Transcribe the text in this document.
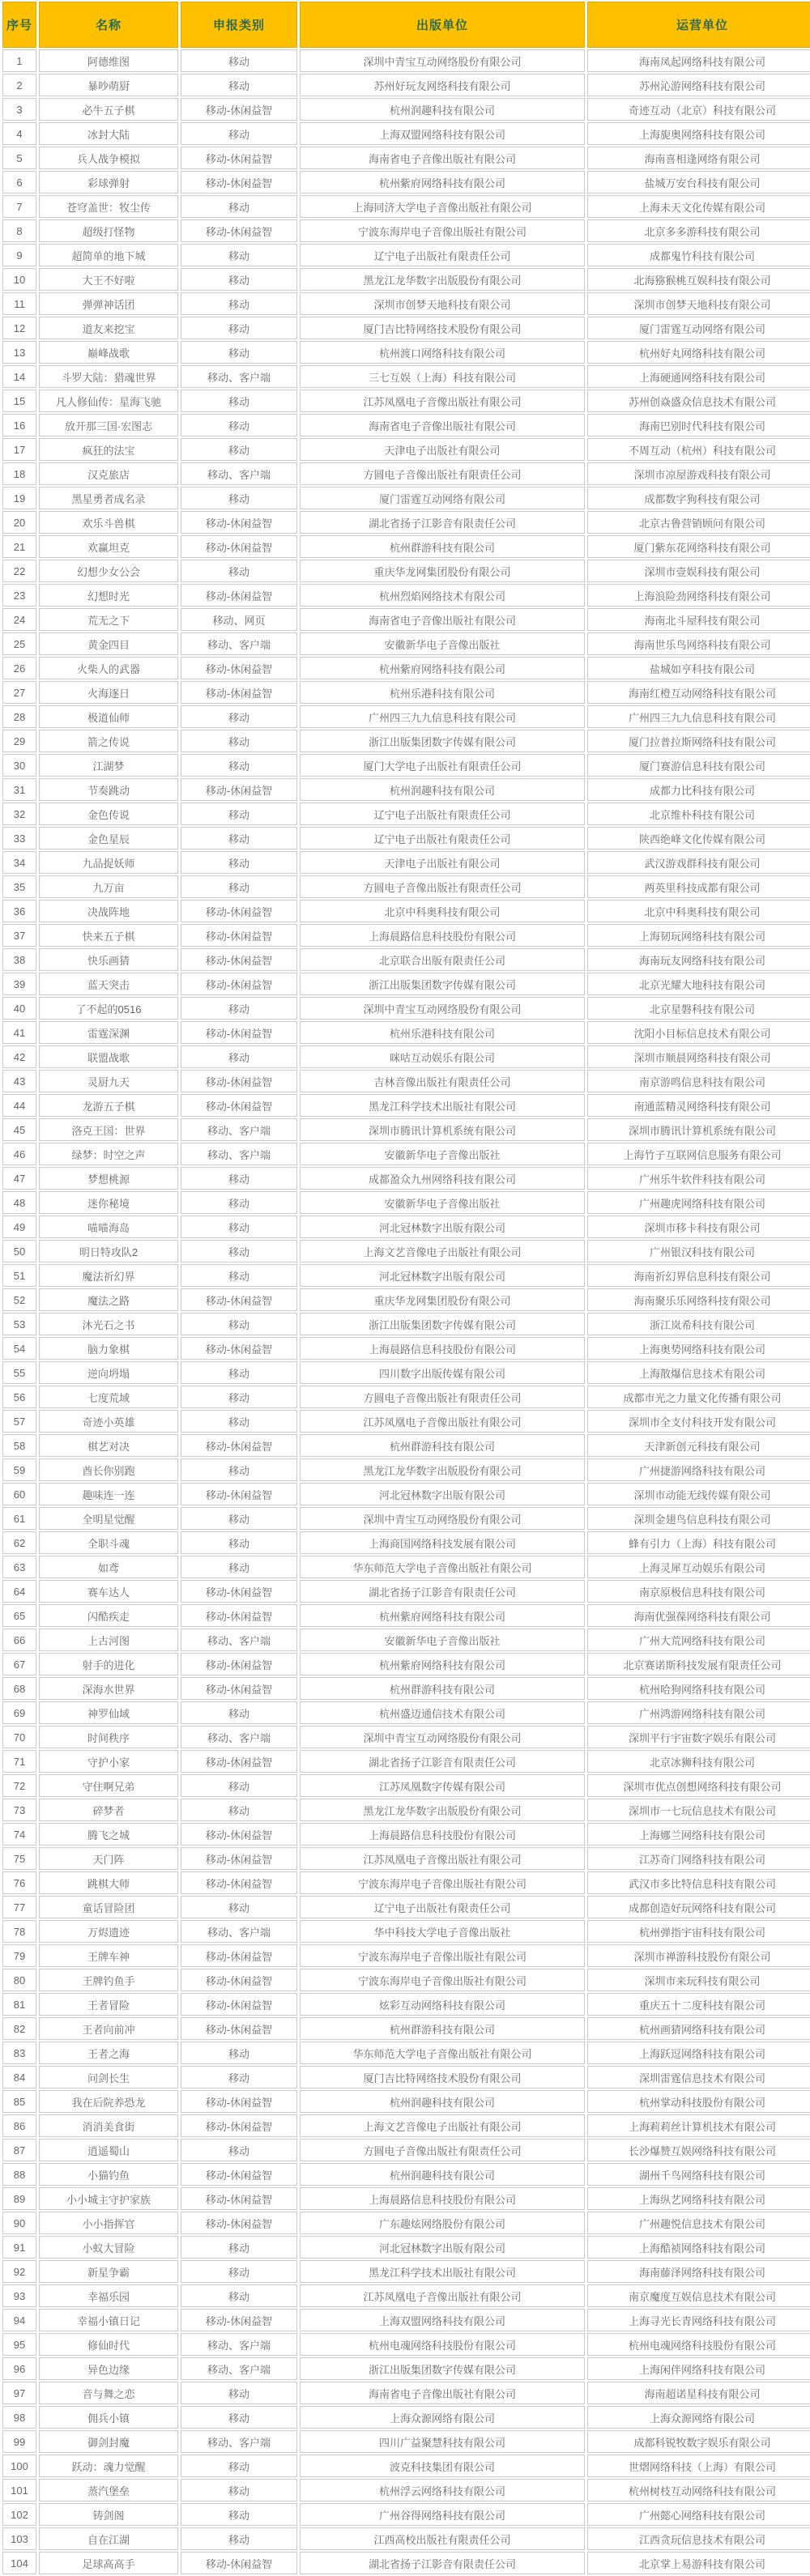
序号	名称	申报类别	出版单位	运营单位
1	阿德维图	移动	深圳中青宝互动网络股份有限公司	海南凤起网络科技有限公司
2	暴吵萌厨	移动	苏州好玩友网络科技有限公司	苏州沁游网络科技有限公司
3	必牛五子棋	移动-休闲益智	杭州润趣科技有限公司	奇迹互动（北京）科技有限公司
4	冰封大陆	移动	上海双盟网络科技有限公司	上海旎奥网络科技有限公司
5	兵人战争模拟	移动-休闲益智	海南省电子音像出版社有限公司	海南喜相逢网络有限公司
6	彩球弹射	移动-休闲益智	杭州紫府网络科技有限公司	盐城万安台科技有限公司
7	苍穹盖世：牧尘传	移动	上海同济大学电子音像出版社有限公司	上海未天文化传媒有限公司
8	超级打怪物	移动-休闲益智	宁波东海岸电子音像出版社有限公司	北京多多游科技有限公司
9	超简单的地下城	移动	辽宁电子出版社有限责任公司	成都鬼竹科技有限公司
10	大王不好啦	移动	黑龙江龙华数字出版股份有限公司	北海猕猴桃互娱科技有限公司
11	弹弹神话团	移动	深圳市创梦天地科技有限公司	深圳市创梦天地科技有限公司
12	道友来挖宝	移动	厦门吉比特网络技术股份有限公司	厦门雷霆互动网络有限公司
13	巅峰战歌	移动	杭州渡口网络科技有限公司	杭州好丸网络科技有限公司
14	斗罗大陆：猎魂世界	移动、客户端	三七互娱（上海）科技有限公司	上海硬通网络科技有限公司
15	凡人修仙传：星海飞驰	移动	江苏凤凰电子音像出版社有限公司	苏州创焱盛众信息技术有限公司
16	放开那三国·宏图志	移动	海南省电子音像出版社有限公司	海南巴别时代科技有限公司
17	疯狂的法宝	移动	天津电子出版社有限公司	不周互动（杭州）科技有限公司
18	汉克旅店	移动、客户端	方圆电子音像出版社有限责任公司	深圳市凉屋游戏科技有限公司
19	黑星勇者成名录	移动	厦门雷霆互动网络有限公司	成都数字狗科技有限公司
20	欢乐斗兽棋	移动-休闲益智	湖北省扬子江影音有限责任公司	北京古鲁营销顾问有限公司
21	欢赢坦克	移动-休闲益智	杭州群游科技有限公司	厦门紫东花网络科技有限公司
22	幻想少女公会	移动	重庆华龙网集团股份有限公司	深圳市壹娱科技有限公司
23	幻想时光	移动-休闲益智	杭州烈焰网络技术有限公司	上海浪险劲网络科技有限公司
24	荒无之下	移动、网页	海南省电子音像出版社有限公司	海南北斗屋科技有限公司
25	黄金四目	移动、客户端	安徽新华电子音像出版社	海南世乐鸟网络科技有限公司
26	火柴人的武器	移动-休闲益智	杭州紫府网络科技有限公司	盐城如亨科技有限公司
27	火海逐日	移动-休闲益智	杭州乐港科技有限公司	海南红橙互动网络科技有限公司
28	极道仙师	移动	广州四三九九信息科技有限公司	广州四三九九信息科技有限公司
29	箭之传说	移动	浙江出版集团数字传媒有限公司	厦门拉普拉斯网络科技有限公司
30	江湖梦	移动	厦门大学电子出版社有限责任公司	厦门赛游信息科技有限公司
31	节奏跳动	移动-休闲益智	杭州润趣科技有限公司	成都力比科技有限公司
32	金色传说	移动	辽宁电子出版社有限责任公司	北京维朴科技有限公司
33	金色星辰	移动	辽宁电子出版社有限责任公司	陕西绝峰文化传媒有限公司
34	九品捉妖师	移动	天津电子出版社有限公司	武汉游戏群科技有限公司
35	九万亩	移动	方圆电子音像出版社有限责任公司	两英里科技成都有限公司
36	决战阵地	移动-休闲益智	北京中科奥科技有限公司	北京中科奥科技有限公司
37	快来五子棋	移动-休闲益智	上海晨路信息科技股份有限公司	上海韧玩网络科技有限公司
38	快乐画猜	移动-休闲益智	北京联合出版有限责任公司	海南玩友网络科技有限公司
39	蓝天突击	移动-休闲益智	浙江出版集团数字传媒有限公司	北京光耀大地科技有限公司
40	了不起的0516	移动	深圳中青宝互动网络股份有限公司	北京星磐科技有限公司
41	雷霆深渊	移动-休闲益智	杭州乐港科技有限公司	沈阳小目标信息技术有限公司
42	联盟战歌	移动	咪咕互动娱乐有限公司	深圳市顺晨网络科技有限公司
43	灵厨九天	移动-休闲益智	吉林音像出版社有限责任公司	南京游鸣信息科技有限公司
44	龙游五子棋	移动-休闲益智	黑龙江科学技术出版社有限公司	南通蓝精灵网络科技有限公司
45	洛克王国：世界	移动、客户端	深圳市腾讯计算机系统有限公司	深圳市腾讯计算机系统有限公司
46	绿梦：时空之声	移动、客户端	安徽新华电子音像出版社	上海竹子互联网信息服务有限公司
47	梦想桃源	移动	成都盈众九州网络科技有限公司	广州乐牛软件科技有限公司
48	迷你秘境	移动	安徽新华电子音像出版社	广州趣虎网络科技有限公司
49	喵喵海岛	移动	河北冠林数字出版有限公司	深圳市移卡科技有限公司
50	明日特攻队2	移动	上海文艺音像电子出版社有限公司	广州银汉科技有限公司
51	魔法祈幻界	移动	河北冠林数字出版有限公司	海南祈幻界信息科技有限公司
52	魔法之路	移动-休闲益智	重庆华龙网集团股份有限公司	海南聚乐乐网络科技有限公司
53	沐光石之书	移动	浙江出版集团数字传媒有限公司	浙江岚希科技有限公司
54	脑力象棋	移动-休闲益智	上海晨路信息科技股份有限公司	上海奥势网络科技有限公司
55	逆向坍塌	移动	四川数字出版传媒有限公司	上海散爆信息技术有限公司
56	七度荒域	移动	方圆电子音像出版社有限责任公司	成都市光之力量文化传播有限公司
57	奇迹小英雄	移动	江苏凤凰电子音像出版社有限公司	深圳市全支付科技开发有限公司
58	棋艺对决	移动-休闲益智	杭州群游科技有限公司	天津新创元科技有限公司
59	酋长你别跑	移动	黑龙江龙华数字出版股份有限公司	广州捷游网络科技有限公司
60	趣味连一连	移动-休闲益智	河北冠林数字出版有限公司	深圳市动能无线传媒有限公司
61	全明星觉醒	移动	深圳中青宝互动网络股份有限公司	深圳金翅鸟信息科技有限公司
62	全职斗魂	移动	上海商国网络科技发展有限公司	蜂有引力（上海）科技有限公司
63	如鸢	移动	华东师范大学电子音像出版社有限公司	上海灵犀互动娱乐有限公司
64	赛车达人	移动-休闲益智	湖北省扬子江影音有限责任公司	南京原极信息科技有限公司
65	闪酷疾走	移动-休闲益智	杭州紫府网络科技有限公司	海南优强葆网络科技有限公司
66	上古河图	移动、客户端	安徽新华电子音像出版社	广州大荒网络科技有限公司
67	射手的进化	移动-休闲益智	杭州紫府网络科技有限公司	北京赛诺斯科技发展有限责任公司
68	深海水世界	移动-休闲益智	杭州群游科技有限公司	杭州哈狗网络科技有限公司
69	神罗仙域	移动	杭州盛迈通信技术有限公司	广州鸿游网络科技有限公司
70	时间秩序	移动、客户端	深圳中青宝互动网络股份有限公司	深圳平行宇宙数字娱乐有限公司
71	守护小家	移动-休闲益智	湖北省扬子江影音有限责任公司	北京冰狮科技有限公司
72	守住啊兄弟	移动	江苏凤凰数字传媒有限公司	深圳市优点创想网络科技有限公司
73	碎梦者	移动	黑龙江龙华数字出版股份有限公司	深圳市一七玩信息技术有限公司
74	腾飞之城	移动-休闲益智	上海晨路信息科技股份有限公司	上海娜兰网络科技有限公司
75	天门阵	移动-休闲益智	江苏凤凰电子音像出版社有限公司	江苏奇门网络科技有限公司
76	跳棋大师	移动-休闲益智	宁波东海岸电子音像出版社有限公司	武汉市多比特信息科技有限公司
77	童话冒险团	移动	辽宁电子出版社有限责任公司	成都创造好玩网络科技有限公司
78	万烬遗迹	移动、客户端	华中科技大学电子音像出版社	杭州弹指宇宙科技有限公司
79	王牌车神	移动-休闲益智	宁波东海岸电子音像出版社有限公司	深圳市禅游科技股份有限公司
80	王牌钓鱼手	移动-休闲益智	宁波东海岸电子音像出版社有限公司	深圳市来玩科技有限公司
81	王者冒险	移动-休闲益智	炫彩互动网络科技有限公司	重庆五十二度科技有限公司
82	王者向前冲	移动-休闲益智	杭州群游科技有限公司	杭州画猜网络科技有限公司
83	王者之海	移动	华东师范大学电子音像出版社有限公司	上海跃逗网络科技有限公司
84	问剑长生	移动	厦门吉比特网络技术股份有限公司	深圳雷霆信息技术有限公司
85	我在后院养恐龙	移动-休闲益智	杭州润趣科技有限公司	杭州掌动科技股份有限公司
86	消消美食街	移动-休闲益智	上海文艺音像电子出版社有限公司	上海莉莉丝计算机技术有限公司
87	逍遥蜀山	移动	方圆电子音像出版社有限责任公司	长沙爆赞互娱网络科技有限公司
88	小猫钓鱼	移动-休闲益智	杭州润趣科技有限公司	湖州千鸟网络科技有限公司
89	小小城主守护家族	移动-休闲益智	上海晨路信息科技股份有限公司	上海纵艺网络科技有限公司
90	小小指挥官	移动-休闲益智	广东趣炫网络股份有限公司	广州趣悦信息技术有限公司
91	小蚁大冒险	移动	河北冠林数字出版有限公司	上海酷祯网络科技有限公司
92	新星争霸	移动	黑龙江科学技术出版社有限公司	海南藤泽网络科技有限公司
93	幸福乐园	移动	江苏凤凰电子音像出版社有限公司	南京魔度互娱信息技术有限公司
94	幸福小镇日记	移动-休闲益智	上海双盟网络科技有限公司	上海寻光长青网络科技有限公司
95	修仙时代	移动、客户端	杭州电魂网络科技股份有限公司	杭州电魂网络科技股份有限公司
96	异色边缘	移动、客户端	浙江出版集团数字传媒有限公司	上海闲伴网络科技有限公司
97	音与舞之恋	移动	海南省电子音像出版社有限公司	海南超诺星科技有限公司
98	佣兵小镇	移动	上海众源网络有限公司	上海众源网络有限公司
99	御剑封魔	移动、客户端	四川广益聚慧科技有限公司	成都科锐牧数字娱乐有限公司
100	跃动：魂力觉醒	移动	波克科技集团有限公司	世熠网络科技（上海）有限公司
101	蒸汽堡垒	移动	杭州浮云网络科技有限公司	杭州树枝互动网络科技有限公司
102	铸剑阁	移动	广州谷得网络科技有限公司	广州懿心网络科技有限公司
103	自在江湖	移动	江西高校出版社有限责任公司	江西贪玩信息技术有限公司
104	足球高高手	移动-休闲益智	湖北省扬子江影音有限责任公司	北京掌上易游科技有限公司
